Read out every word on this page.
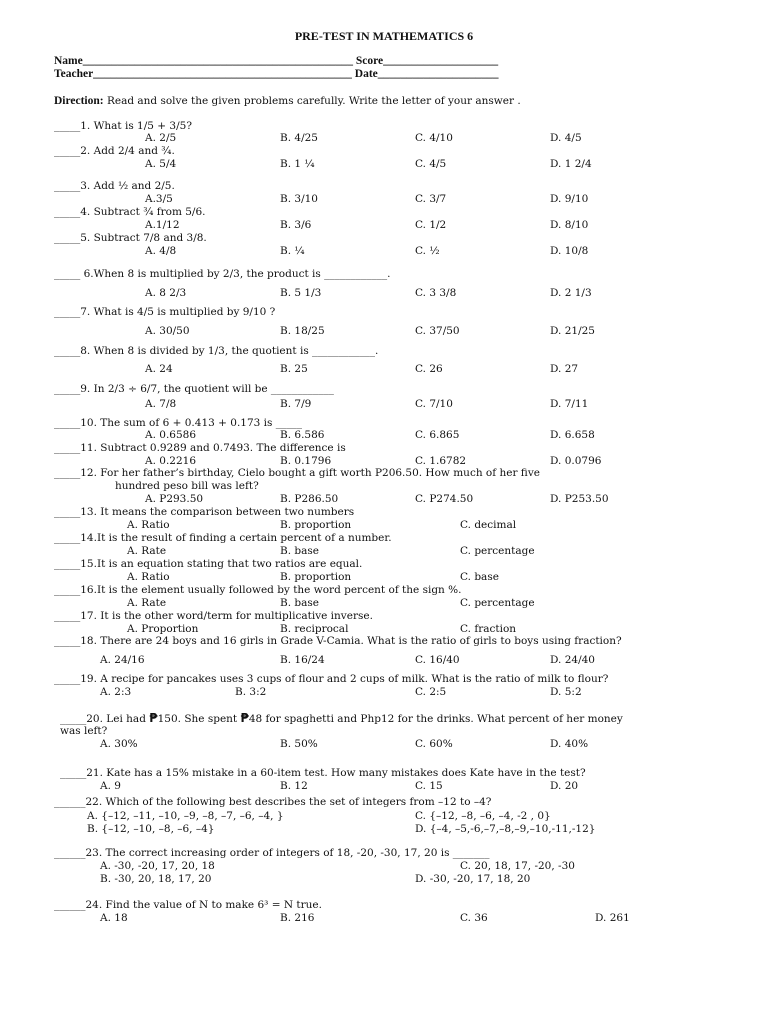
PRE-TEST IN MATHEMATICS 6
Name_______________________________________________ Score____________________
Teacher_____________________________________________ Date_____________________
Direction: Read and solve the given problems carefully. Write the letter of your answer .
_____1. What is 1/5 + 3/5?
A. 2/5	B. 4/25	C. 4/10	D. 4/5
_____2. Add 2/4 and ¾.
A. 5/4	B. 1 ¼	C. 4/5	D. 1 2/4
_____3. Add ½ and 2/5.
A.3/5	B. 3/10	C. 3/7	D. 9/10
_____4. Subtract ¾ from 5/6.
A.1/12	B. 3/6	C. 1/2	D. 8/10
_____5. Subtract 7/8 and 3/8.
A. 4/8	B. ¼	C. ½	D. 10/8
_____ 6.When 8 is multiplied by 2/3, the product is ____________.
A. 8 2/3	B. 5 1/3	C. 3 3/8	D. 2 1/3
_____7. What is 4/5 is multiplied by 9/10 ?
A. 30/50	B. 18/25	C. 37/50	D. 21/25
_____8. When 8 is divided by 1/3, the quotient is ____________.
A. 24	B. 25	C. 26	D. 27
_____9. In 2/3 ÷ 6/7, the quotient will be ____________
A. 7/8	B. 7/9	C. 7/10	D. 7/11
_____10. The sum of 6 + 0.413 + 0.173 is _____
A. 0.6586	B. 6.586	C. 6.865	D. 6.658
_____11. Subtract 0.9289 and 0.7493. The difference is
A. 0.2216	B. 0.1796	C. 1.6782	D. 0.0796
_____12. For her father’s birthday, Cielo bought a gift worth P206.50. How much of her five
hundred peso bill was left?
A. P293.50	B. P286.50	C. P274.50	D. P253.50
_____13. It means the comparison between two numbers
A. Ratio	B. proportion	C. decimal
_____14.It is the result of finding a certain percent of a number.
A. Rate	B. base	C. percentage
_____15.It is an equation stating that two ratios are equal.
A. Ratio	B. proportion	C. base
_____16.It is the element usually followed by the word percent of the sign %.
A. Rate	B. base	C. percentage
_____17. It is the other word/term for multiplicative inverse.
A. Proportion	B. reciprocal	C. fraction
_____18. There are 24 boys and 16 girls in Grade V-Camia. What is the ratio of girls to boys using fraction?
A. 24/16	B. 16/24	C. 16/40	D. 24/40
_____19. A recipe for pancakes uses 3 cups of flour and 2 cups of milk. What is the ratio of milk to flour?
A. 2:3	B. 3:2	C. 2:5	D. 5:2
_____20. Lei had ₱150. She spent ₱48 for spaghetti and Php12 for the drinks. What percent of her money
was left?
A. 30%	B. 50%	C. 60%	D. 40%
_____21. Kate has a 15% mistake in a 60-item test. How many mistakes does Kate have in the test?
A. 9	B. 12	C. 15	D. 20
______22. Which of the following best describes the set of integers from –12 to –4?
A. {–12, –11, –10, –9, –8, –7, –6, –4, }	C. {–12, –8, –6, –4, -2 , 0}
B. {–12, –10, –8, –6, –4}	D. {–4, –5,-6,–7,–8,–9,–10,-11,-12}
______23. The correct increasing order of integers of 18, -20, -30, 17, 20 is _______
A. -30, -20, 17, 20, 18	C. 20, 18, 17, -20, -30
B. -30, 20, 18, 17, 20	D. -30, -20, 17, 18, 20
______24. Find the value of N to make 6³ = N true.
A. 18	B. 216	C. 36	D. 261
